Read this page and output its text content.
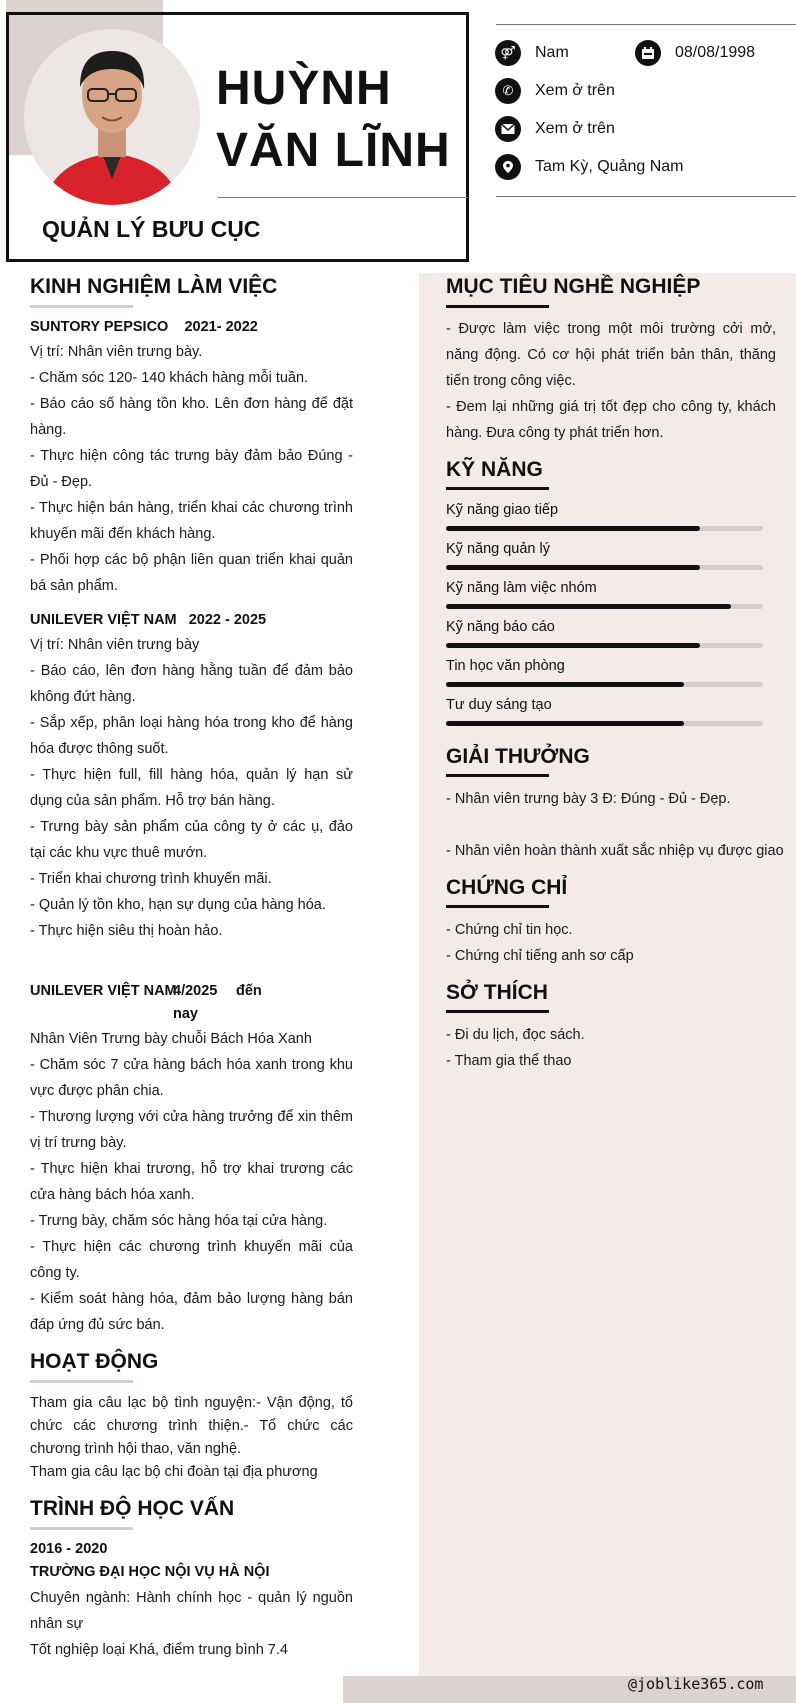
HUỲNH
VĂN LĨNH
QUẢN LÝ BƯU CỤC
⚤	Nam	08/08/1998
✆	Xem ở trên
Xem ở trên
Tam Kỳ, Quảng Nam
KINH NGHIỆM LÀM VIỆC
SUNTORY PEPSICO 2021- 2022
Vị trí: Nhân viên trưng bày.
- Chăm sóc 120- 140 khách hàng mỗi tuần.
- Báo cáo số hàng tồn kho. Lên đơn hàng để đặt hàng.
- Thực hiện công tác trưng bày đảm bảo Đúng - Đủ - Đẹp.
- Thực hiện bán hàng, triển khai các chương trình khuyến mãi đến khách hàng.
- Phối hợp các bộ phận liên quan triển khai quản bá sản phẩm.
UNILEVER VIỆT NAM 2022 - 2025
Vị trí: Nhân viên trưng bày
- Báo cáo, lên đơn hàng hằng tuần để đảm bảo không đứt hàng.
- Sắp xếp, phân loại hàng hóa trong kho để hàng hóa được thông suốt.
- Thực hiện full, fill hàng hóa, quản lý hạn sử dụng của sản phẩm. Hỗ trợ bán hàng.
- Trưng bày sản phẩm của công ty ở các ụ, đảo tại các khu vực thuê mướn.
- Triển khai chương trình khuyến mãi.
- Quản lý tồn kho, hạn sự dụng của hàng hóa.
- Thực hiện siêu thị hoàn hảo.
UNILEVER VIỆT NAM
4/2025 đến
nay
Nhân Viên Trưng bày chuỗi Bách Hóa Xanh
- Chăm sóc 7 cửa hàng bách hóa xanh trong khu vực được phân chia.
- Thương lượng với cửa hàng trưởng để xin thêm vị trí trưng bày.
- Thực hiện khai trương, hỗ trợ khai trương các cửa hàng bách hóa xanh.
- Trưng bày, chăm sóc hàng hóa tại cửa hàng.
- Thực hiện các chương trình khuyến mãi của công ty.
- Kiểm soát hàng hóa, đảm bảo lượng hàng bán đáp ứng đủ sức bán.
HOẠT ĐỘNG
Tham gia câu lạc bộ tình nguyện:- Vận động, tổ chức các chương trình thiện.- Tổ chức các chương trình hội thao, văn nghệ.
Tham gia câu lạc bộ chi đoàn tại địa phương
TRÌNH ĐỘ HỌC VẤN
2016 - 2020
TRƯỜNG ĐẠI HỌC NỘI VỤ HÀ NỘI
Chuyên ngành: Hành chính học - quản lý nguồn nhân sự
Tốt nghiệp loại Khá, điểm trung bình 7.4
MỤC TIÊU NGHỀ NGHIỆP
- Được làm việc trong một môi trường cởi mở, năng động. Có cơ hội phát triển bản thân, thăng tiến trong công việc.
- Đem lại những giá trị tốt đẹp cho công ty, khách hàng. Đưa công ty phát triển hơn.
KỸ NĂNG
Kỹ năng giao tiếp
Kỹ năng quản lý
Kỹ năng làm việc nhóm
Kỹ năng báo cáo
Tin học văn phòng
Tư duy sáng tạo
GIẢI THƯỞNG
- Nhân viên trưng bày 3 Đ: Đúng - Đủ - Đẹp.
- Nhân viên hoàn thành xuất sắc nhiệp vụ được giao
CHỨNG CHỈ
- Chứng chỉ tin học.
- Chứng chỉ tiếng anh sơ cấp
SỞ THÍCH
- Đi du lịch, đọc sách.
- Tham gia thể thao
@joblike365.com
